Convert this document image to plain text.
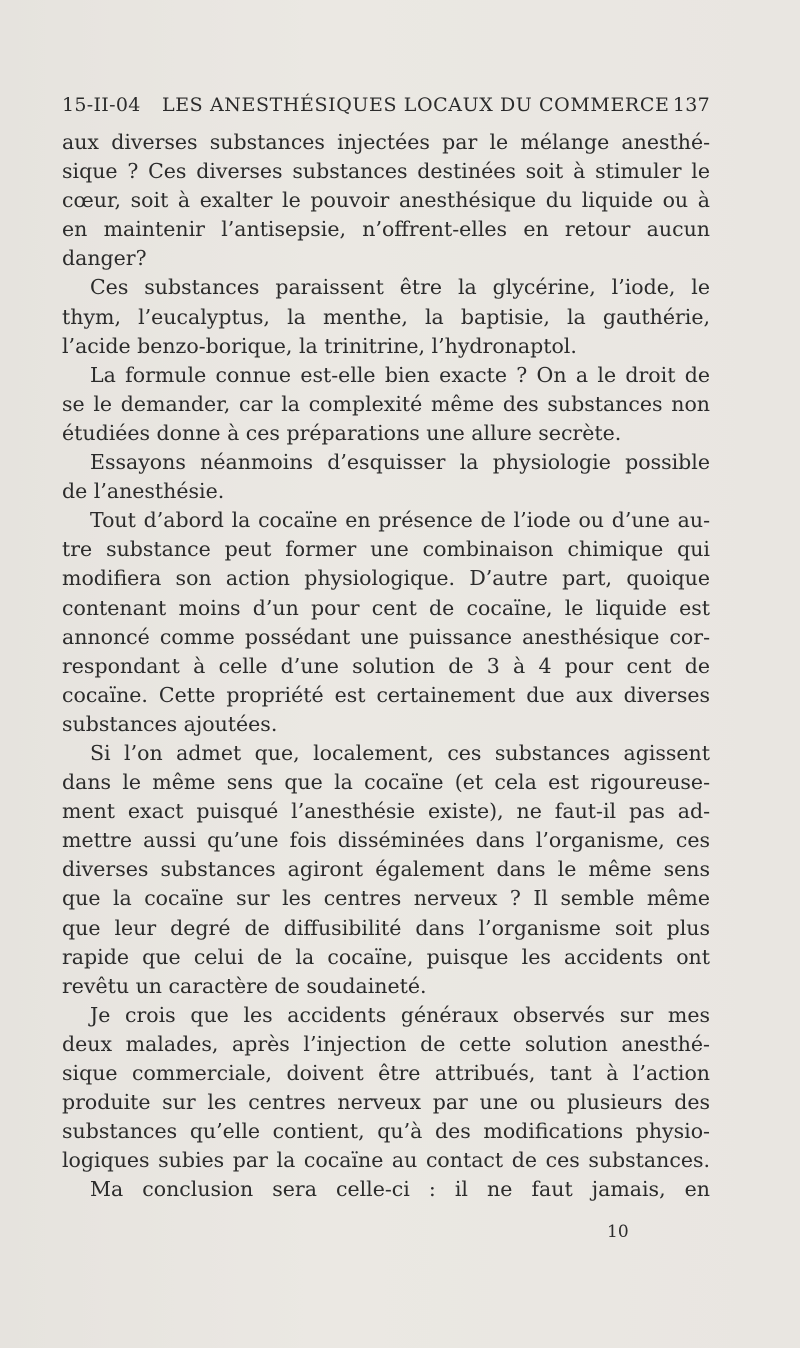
15-II-04 LES ANESTHÉSIQUES LOCAUX DU COMMERCE 137
aux diverses substances injectées par le mélange anesthé-
sique ? Ces diverses substances destinées soit à stimuler le
cœur, soit à exalter le pouvoir anesthésique du liquide ou à
en maintenir l’antisepsie, n’offrent-elles en retour aucun
danger?
Ces substances paraissent être la glycérine, l’iode, le
thym, l’eucalyptus, la menthe, la baptisie, la gauthérie,
l’acide benzo-borique, la trinitrine, l’hydronaptol.
La formule connue est-elle bien exacte ? On a le droit de
se le demander, car la complexité même des substances non
étudiées donne à ces préparations une allure secrète.
Essayons néanmoins d’esquisser la physiologie possible
de l’anesthésie.
Tout d’abord la cocaïne en présence de l’iode ou d’une au-
tre substance peut former une combinaison chimique qui
modifiera son action physiologique. D’autre part, quoique
contenant moins d’un pour cent de cocaïne, le liquide est
annoncé comme possédant une puissance anesthésique cor-
respondant à celle d’une solution de 3 à 4 pour cent de
cocaïne. Cette propriété est certainement due aux diverses
substances ajoutées.
Si l’on admet que, localement, ces substances agissent
dans le même sens que la cocaïne (et cela est rigoureuse-
ment exact puisqué l’anesthésie existe), ne faut-il pas ad-
mettre aussi qu’une fois disséminées dans l’organisme, ces
diverses substances agiront également dans le même sens
que la cocaïne sur les centres nerveux ? Il semble même
que leur degré de diffusibilité dans l’organisme soit plus
rapide que celui de la cocaïne, puisque les accidents ont
revêtu un caractère de soudaineté.
Je crois que les accidents généraux observés sur mes
deux malades, après l’injection de cette solution anesthé-
sique commerciale, doivent être attribués, tant à l’action
produite sur les centres nerveux par une ou plusieurs des
substances qu’elle contient, qu’à des modifications physio-
logiques subies par la cocaïne au contact de ces substances.
Ma conclusion sera celle-ci : il ne faut jamais, en
10
